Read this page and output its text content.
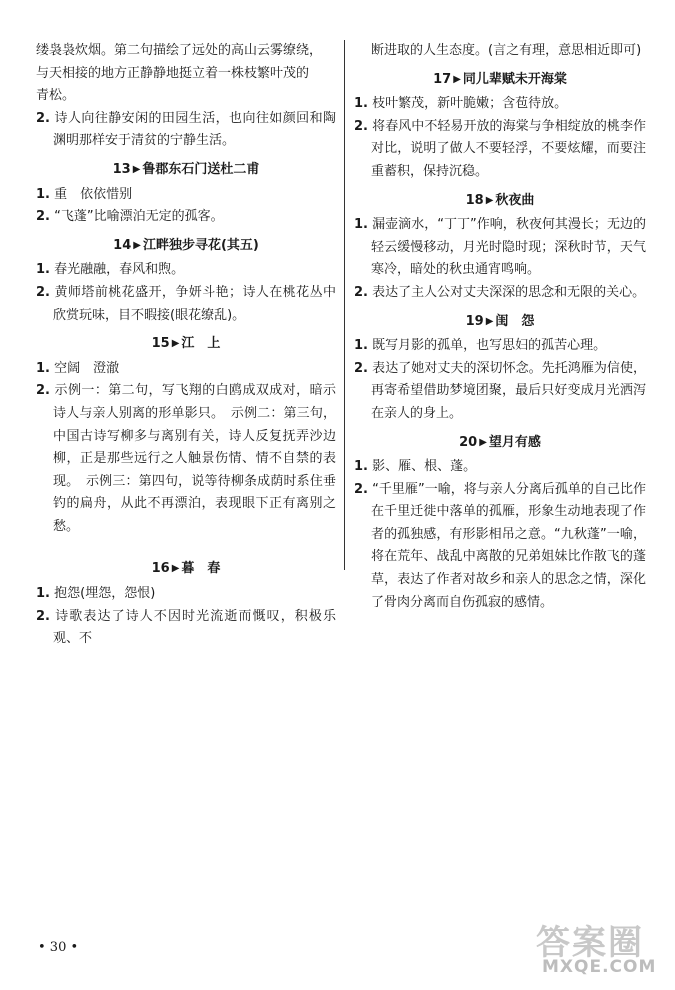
缕袅袅炊烟。第二句描绘了远处的高山云雾缭绕，
与天相接的地方正静静地挺立着一株枝繁叶茂的
青松。
2. 诗人向往静安闲的田园生活，也向往如颜回和陶渊明那样安于清贫的宁静生活。
13 ▶ 鲁郡东石门送杜二甫
1. 重　依依惜别
2. “飞蓬”比喻漂泊无定的孤客。
14 ▶ 江畔独步寻花(其五)
1. 春光融融，春风和煦。
2. 黄师塔前桃花盛开，争妍斗艳；诗人在桃花丛中欣赏玩味，目不暇接(眼花缭乱)。
15 ▶ 江　上
1. 空阔　澄澈
2. 示例一：第二句，写飞翔的白鸥成双成对，暗示诗人与亲人别离的形单影只。　示例二：第三句，中国古诗写柳多与离别有关，诗人反复抚弄沙边柳，正是那些远行之人触景伤情、情不自禁的表现。　示例三：第四句，说等待柳条成荫时系住垂钓的扁舟，从此不再漂泊，表现眼下正有离别之愁。
16 ▶ 暮　春
1. 抱怨(埋怨，怨恨)
2. 诗歌表达了诗人不因时光流逝而慨叹，积极乐观、不
断进取的人生态度。(言之有理，意思相近即可)
17 ▶ 同儿辈赋未开海棠
1. 枝叶繁茂，新叶脆嫩；含苞待放。
2. 将春风中不轻易开放的海棠与争相绽放的桃李作对比，说明了做人不要轻浮，不要炫耀，而要注重蓄积，保持沉稳。
18 ▶ 秋夜曲
1. 漏壶滴水，“丁丁”作响，秋夜何其漫长；无边的轻云缓慢移动，月光时隐时现；深秋时节，天气寒冷，暗处的秋虫通宵鸣响。
2. 表达了主人公对丈夫深深的思念和无限的关心。
19 ▶ 闺　怨
1. 既写月影的孤单，也写思妇的孤苦心理。
2. 表达了她对丈夫的深切怀念。先托鸿雁为信使，再寄希望借助梦境团聚，最后只好变成月光洒泻在亲人的身上。
20 ▶ 望月有感
1. 影、雁、根、蓬。
2. “千里雁”一喻，将与亲人分离后孤单的自己比作在千里迁徙中落单的孤雁，形象生动地表现了作者的孤独感，有形影相吊之意。“九秋蓬”一喻，将在荒年、战乱中离散的兄弟姐妹比作散飞的蓬草，表达了作者对故乡和亲人的思念之情，深化了骨肉分离而自伤孤寂的感情。
• 30 •	答案圈
MXQE.COM
